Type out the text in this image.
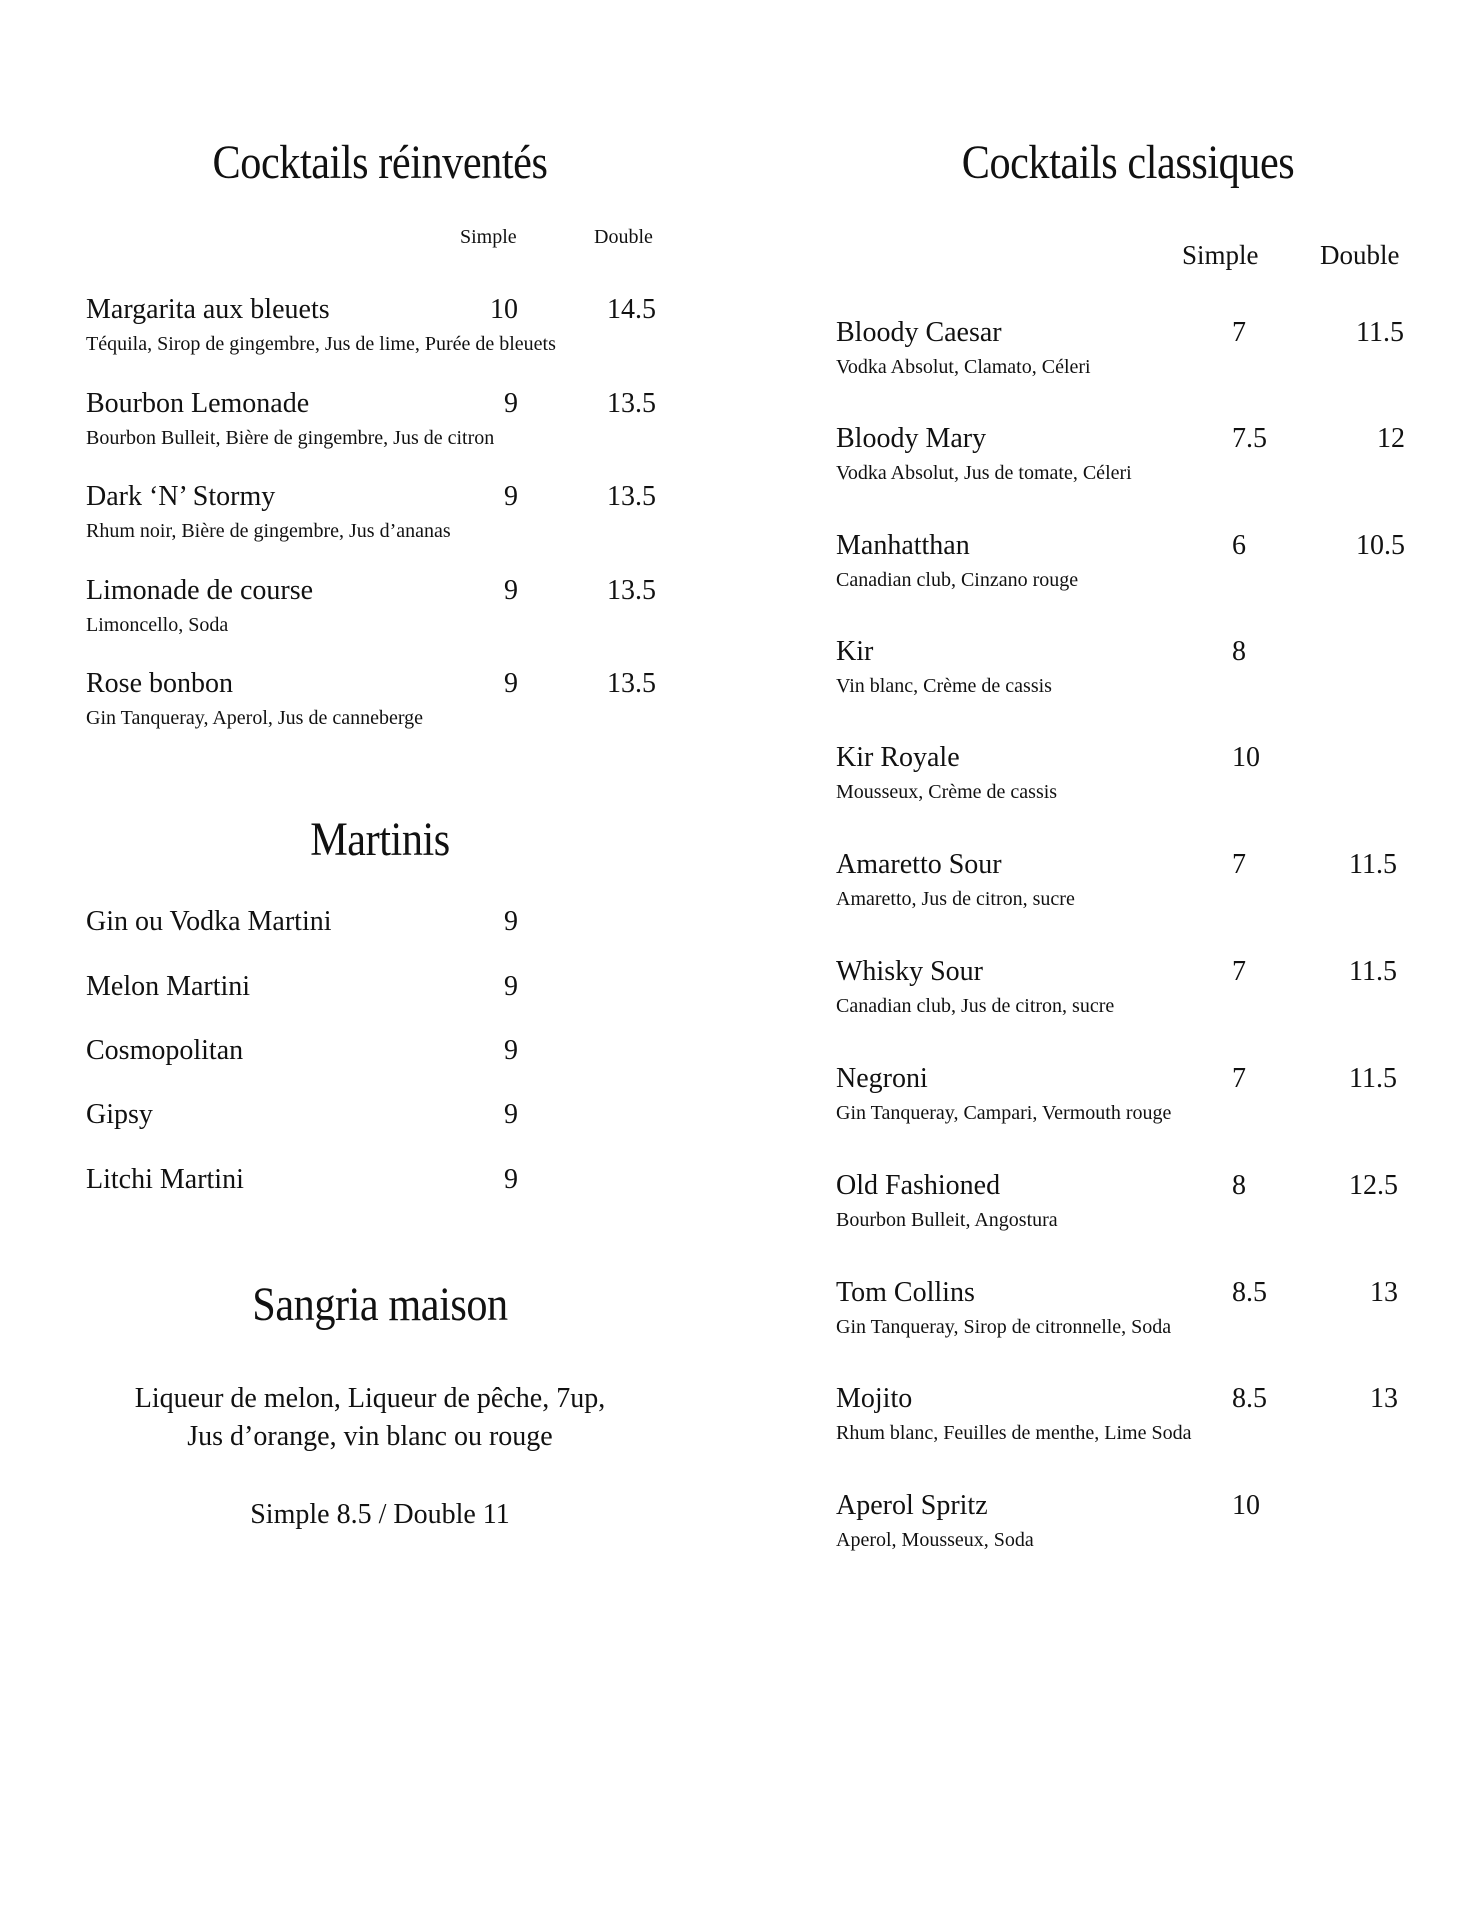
Cocktails réinventés
Simple	Double
Margarita aux bleuets
Téquila, Sirop de gingembre, Jus de lime, Purée de bleuets
10	14.5
Bourbon Lemonade
Bourbon Bulleit, Bière de gingembre, Jus de citron
9	13.5
Dark ‘N’ Stormy
Rhum noir, Bière de gingembre, Jus d’ananas
9	13.5
Limonade de course
Limoncello, Soda
9	13.5
Rose bonbon
Gin Tanqueray, Aperol, Jus de canneberge
9	13.5
Martinis
Gin ou Vodka Martini	9
Melon Martini	9
Cosmopolitan	9
Gipsy	9
Litchi Martini	9
Sangria maison
Liqueur de melon, Liqueur de pêche, 7up,
Jus d’orange, vin blanc ou rouge
Simple 8.5 / Double 11
Cocktails classiques
Simple Double
Bloody Caesar
Vodka Absolut, Clamato, Céleri
7	11.5
Bloody Mary
Vodka Absolut, Jus de tomate, Céleri
7.5	12
Manhatthan
Canadian club, Cinzano rouge
6	10.5
Kir
Vin blanc, Crème de cassis
8
Kir Royale
Mousseux, Crème de cassis
10
Amaretto Sour
Amaretto, Jus de citron, sucre
7	11.5
Whisky Sour
Canadian club, Jus de citron, sucre
7	11.5
Negroni
Gin Tanqueray, Campari, Vermouth rouge
7	11.5
Old Fashioned
Bourbon Bulleit, Angostura
8	12.5
Tom Collins
Gin Tanqueray, Sirop de citronnelle, Soda
8.5	13
Mojito
Rhum blanc, Feuilles de menthe, Lime Soda
8.5	13
Aperol Spritz
Aperol, Mousseux, Soda
10
